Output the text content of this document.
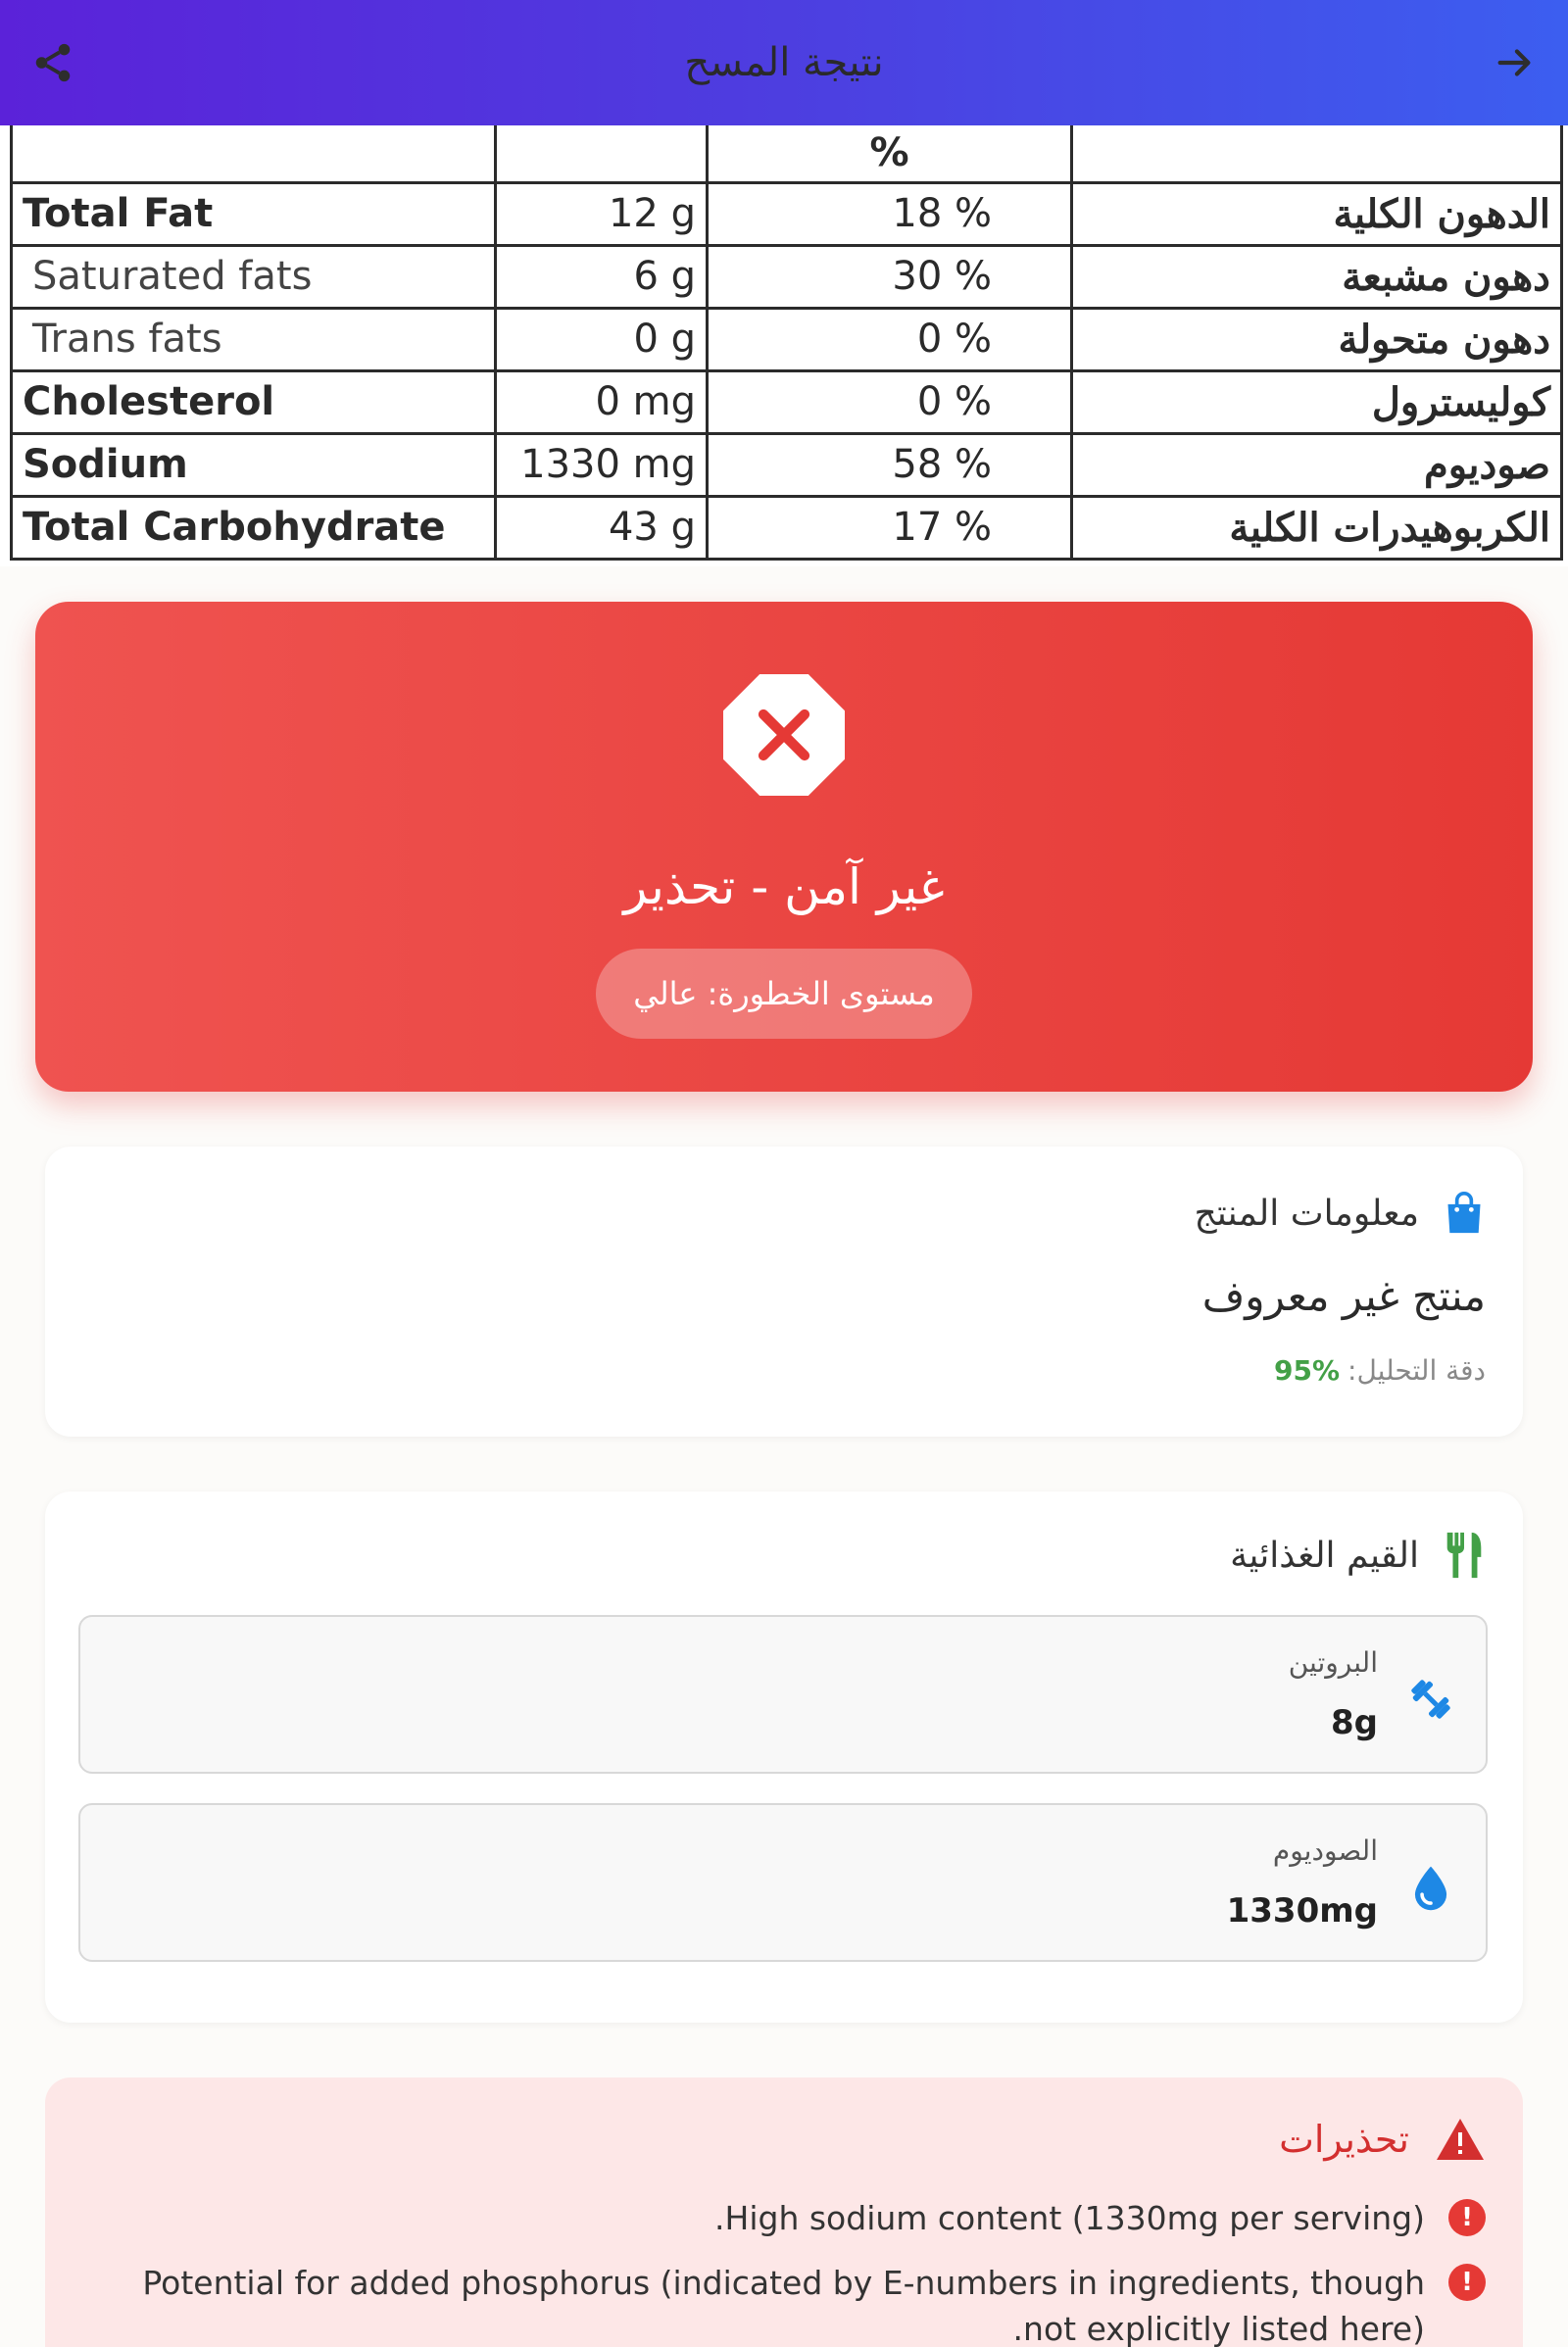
نتيجة المسح
		%	
Total Fat	12 g	18 %	الدهون الكلية
Saturated fats	6 g	30 %	دهون مشبعة
Trans fats	0 g	0 %	دهون متحولة
Cholesterol	0 mg	0 %	كوليسترول
Sodium	1330 mg	58 %	صوديوم
Total Carbohydrate	43 g	17 %	الكربوهيدرات الكلية
غير آمن - تحذير
مستوى الخطورة: عالي
معلومات المنتج
منتج غير معروف
دقة التحليل:
95%
القيم الغذائية
البروتين
8g
الصوديوم
1330mg
تحذيرات
!
High sodium content (1330mg per serving).
!
Potential for added phosphorus (indicated by E-numbers in ingredients, though not explicitly listed here).
